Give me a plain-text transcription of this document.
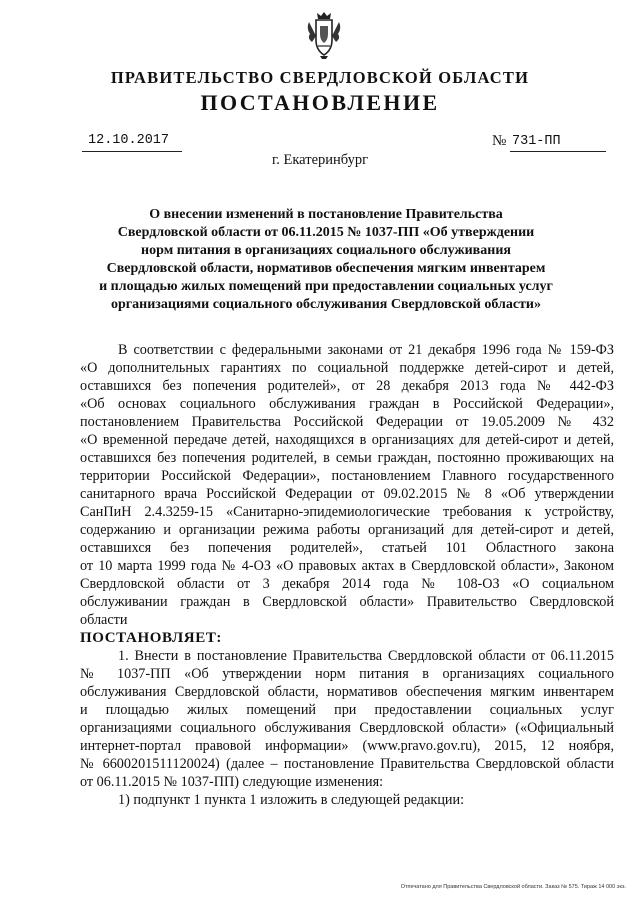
ПРАВИТЕЛЬСТВО СВЕРДЛОВСКОЙ ОБЛАСТИ
ПОСТАНОВЛЕНИЕ
12.10.2017	№ 731-ПП
г. Екатеринбург
О внесении изменений в постановление Правительства
Свердловской области от 06.11.2015 № 1037-ПП «Об утверждении
норм питания в организациях социального обслуживания
Свердловской области, нормативов обеспечения мягким инвентарем
и площадью жилых помещений при предоставлении социальных услуг
организациями социального обслуживания Свердловской области»
В соответствии с федеральными законами от 21 декабря 1996 года № 159-ФЗ
«О дополнительных гарантиях по социальной поддержке детей-сирот и детей,
оставшихся без попечения родителей», от 28 декабря 2013 года № 442-ФЗ
«Об основах социального обслуживания граждан в Российской Федерации»,
постановлением Правительства Российской Федерации от 19.05.2009 № 432
«О временной передаче детей, находящихся в организациях для детей-сирот и детей,
оставшихся без попечения родителей, в семьи граждан, постоянно проживающих на
территории Российской Федерации», постановлением Главного государственного
санитарного врача Российской Федерации от 09.02.2015 № 8 «Об утверждении
СанПиН 2.4.3259-15 «Санитарно-эпидемиологические требования к устройству,
содержанию и организации режима работы организаций для детей-сирот и детей,
оставшихся без попечения родителей», статьей 101 Областного закона
от 10 марта 1999 года № 4-ОЗ «О правовых актах в Свердловской области», Законом
Свердловской области от 3 декабря 2014 года № 108-ОЗ «О социальном
обслуживании граждан в Свердловской области» Правительство Свердловской
области
ПОСТАНОВЛЯЕТ:
1. Внести в постановление Правительства Свердловской области от 06.11.2015
№ 1037-ПП «Об утверждении норм питания в организациях социального
обслуживания Свердловской области, нормативов обеспечения мягким инвентарем
и площадью жилых помещений при предоставлении социальных услуг
организациями социального обслуживания Свердловской области» («Официальный
интернет-портал правовой информации» (www.pravo.gov.ru), 2015, 12 ноября,
№ 6600201511120024) (далее – постановление Правительства Свердловской области
от 06.11.2015 № 1037-ПП) следующие изменения:
1) подпункт 1 пункта 1 изложить в следующей редакции:
Отпечатано для Правительства Свердловской области. Заказ № 575. Тираж 14 000 экз.
